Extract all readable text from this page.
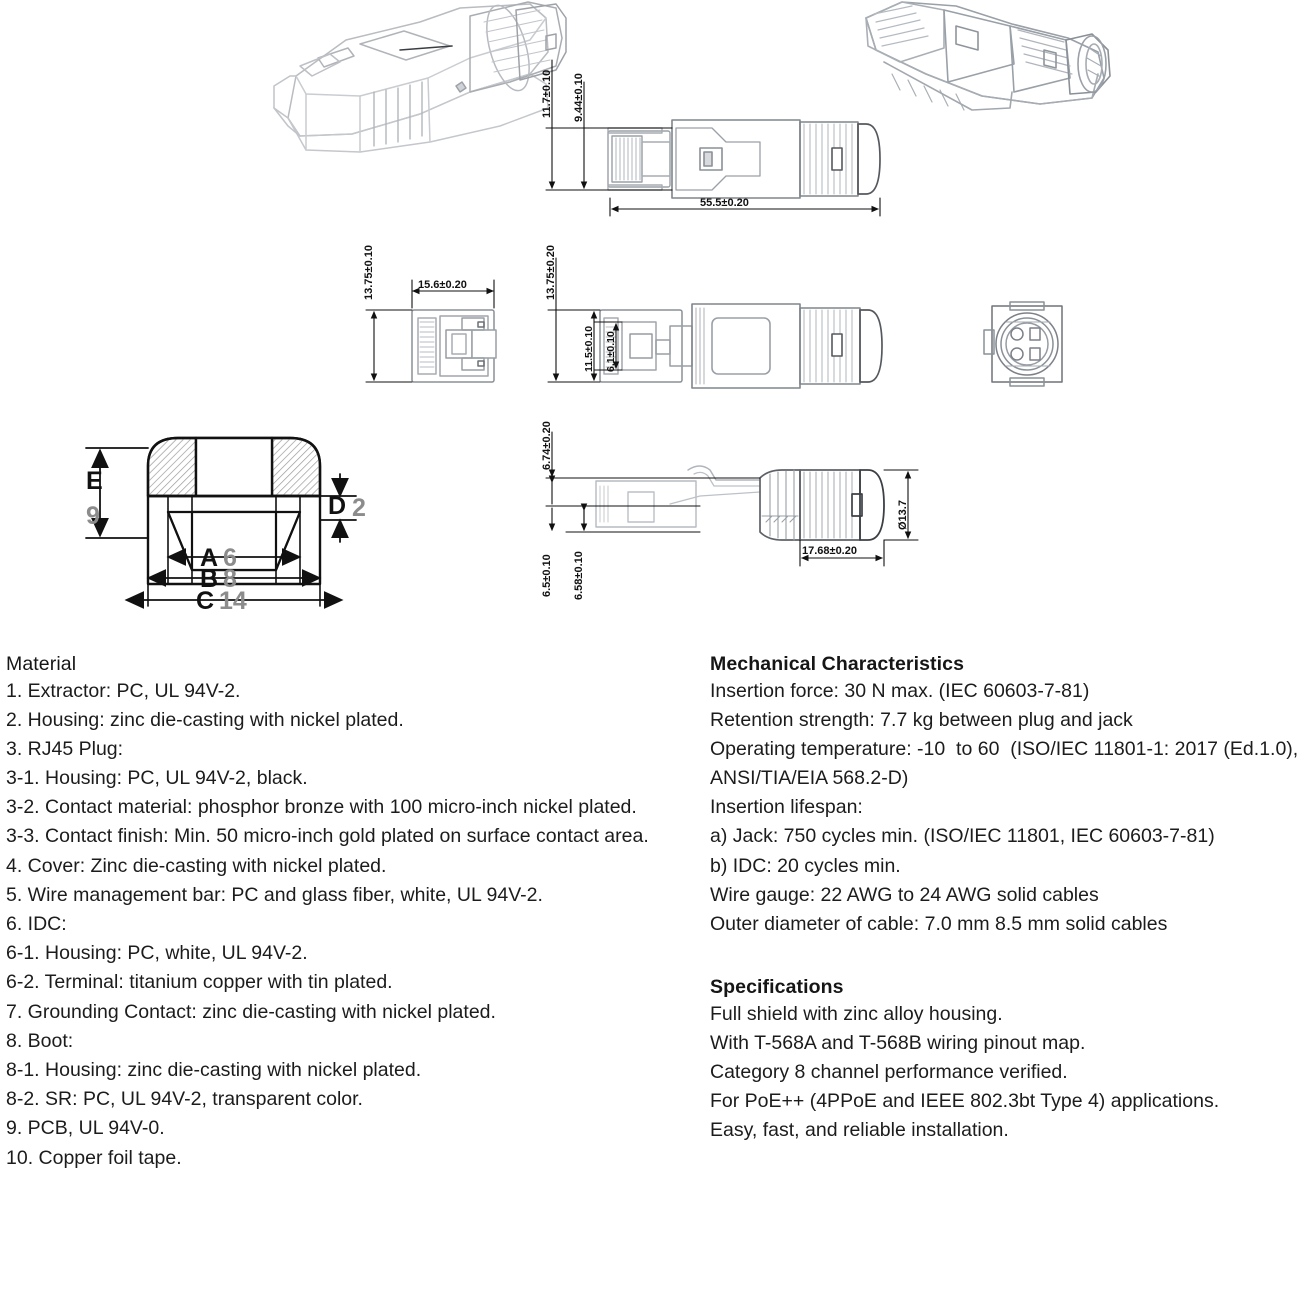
11.7±0.10 9.44±0.10
55.5±0.20
13.75±0.10	15.6±0.20	13.75±0.20
11.5±0.10 6.1±0.10
E
9	D 2
A 6
B 8
C 14
6.74±0.20
6.5±0.10 6.58±0.10
17.68±0.20
Ø13.7
Material
1. Extractor: PC, UL 94V-2.
2. Housing: zinc die-casting with nickel plated.
3. RJ45 Plug:
3-1. Housing: PC, UL 94V-2, black.
3-2. Contact material: phosphor bronze with 100 micro-inch nickel plated.
3-3. Contact finish: Min. 50 micro-inch gold plated on surface contact area.
4. Cover: Zinc die-casting with nickel plated.
5. Wire management bar: PC and glass fiber, white, UL 94V-2.
6. IDC:
6-1. Housing: PC, white, UL 94V-2.
6-2. Terminal: titanium copper with tin plated.
7. Grounding Contact: zinc die-casting with nickel plated.
8. Boot:
8-1. Housing: zinc die-casting with nickel plated.
8-2. SR: PC, UL 94V-2, transparent color.
9. PCB, UL 94V-0.
10. Copper foil tape.
Mechanical Characteristics
Insertion force: 30 N max. (IEC 60603-7-81)
Retention strength: 7.7 kg between plug and jack
Operating temperature: -10  to 60  (ISO/IEC 11801-1: 2017 (Ed.1.0),
ANSI/TIA/EIA 568.2-D)
Insertion lifespan:
a) Jack: 750 cycles min. (ISO/IEC 11801, IEC 60603-7-81)
b) IDC: 20 cycles min.
Wire gauge: 22 AWG to 24 AWG solid cables
Outer diameter of cable: 7.0 mm 8.5 mm solid cables
Specifications
Full shield with zinc alloy housing.
With T-568A and T-568B wiring pinout map.
Category 8 channel performance verified.
For PoE++ (4PPoE and IEEE 802.3bt Type 4) applications.
Easy, fast, and reliable installation.
